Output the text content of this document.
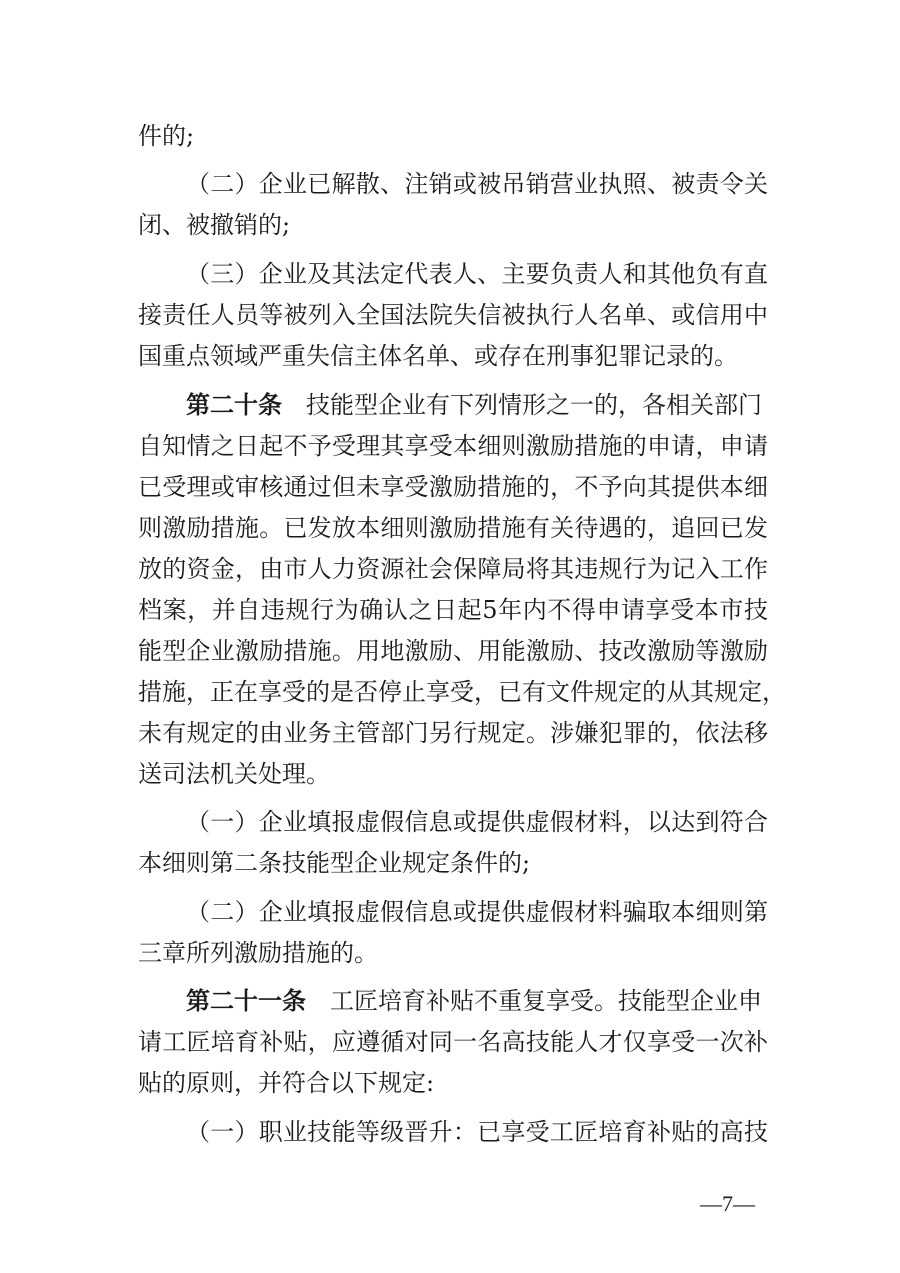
件的;
（二）企业已解散、注销或被吊销营业执照、被责令关
闭、被撤销的;
（三）企业及其法定代表人、主要负责人和其他负有直
接责任人员等被列入全国法院失信被执行人名单、或信用中
国重点领域严重失信主体名单、或存在刑事犯罪记录的。
第二十条 技能型企业有下列情形之一的，各相关部门
自知情之日起不予受理其享受本细则激励措施的申请，申请
已受理或审核通过但未享受激励措施的，不予向其提供本细
则激励措施。已发放本细则激励措施有关待遇的，追回已发
放的资金，由市人力资源社会保障局将其违规行为记入工作
档案，并自违规行为确认之日起5年内不得申请享受本市技
能型企业激励措施。用地激励、用能激励、技改激励等激励
措施，正在享受的是否停止享受，已有文件规定的从其规定，
未有规定的由业务主管部门另行规定。涉嫌犯罪的，依法移
送司法机关处理。
（一）企业填报虚假信息或提供虚假材料，以达到符合
本细则第二条技能型企业规定条件的;
（二）企业填报虚假信息或提供虚假材料骗取本细则第
三章所列激励措施的。
第二十一条 工匠培育补贴不重复享受。技能型企业申
请工匠培育补贴，应遵循对同一名高技能人才仅享受一次补
贴的原则，并符合以下规定:
（一）职业技能等级晋升：已享受工匠培育补贴的高技
—7—
